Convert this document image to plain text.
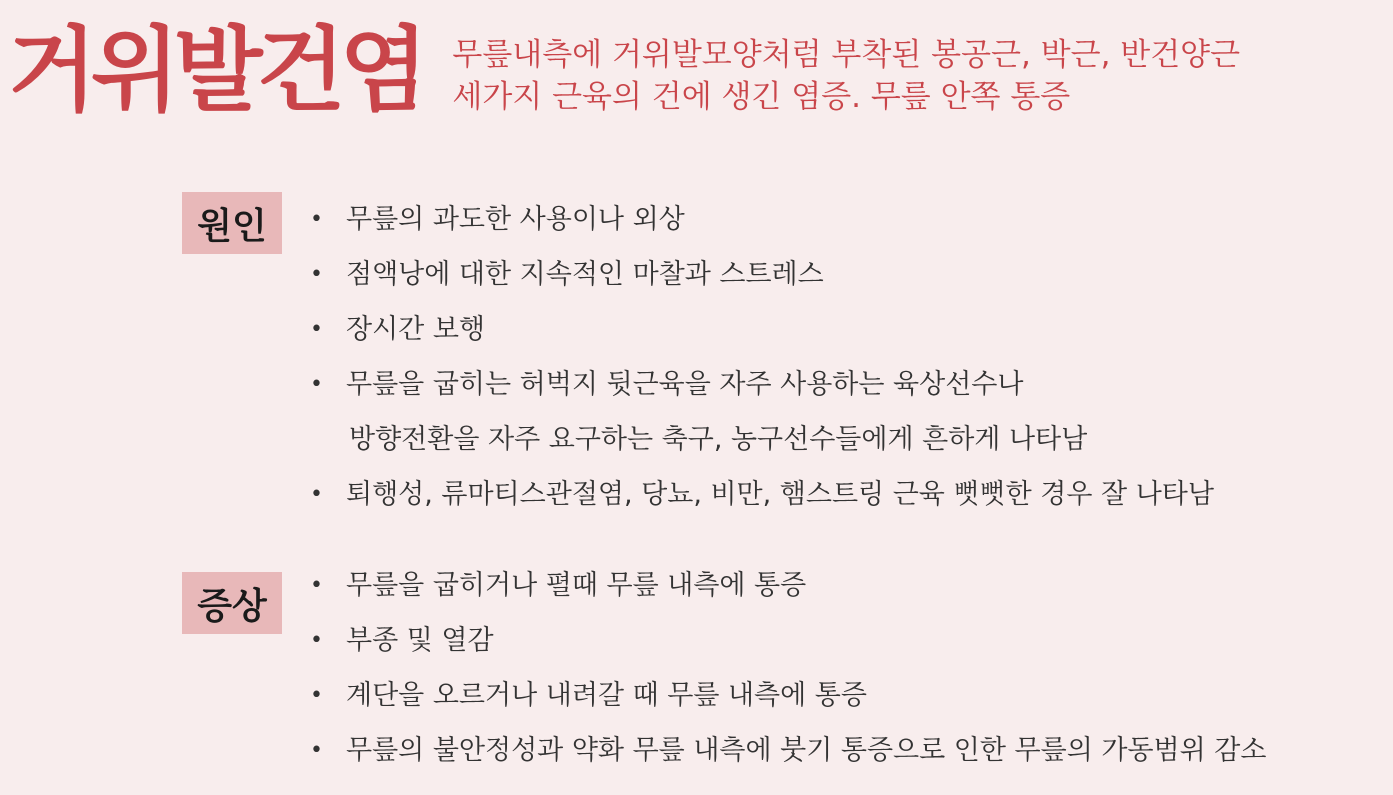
거위발건염 무릎내측에 거위발모양처럼 부착된 봉공근, 박근, 반건양근
세가지 근육의 건에 생긴 염증. 무릎 안쪽 통증
원인	• 무릎의 과도한 사용이나 외상
• 점액낭에 대한 지속적인 마찰과 스트레스
• 장시간 보행
• 무릎을 굽히는 허벅지 뒷근육을 자주 사용하는 육상선수나
방향전환을 자주 요구하는 축구, 농구선수들에게 흔하게 나타남
• 퇴행성, 류마티스관절염, 당뇨, 비만, 햄스트링 근육 뻣뻣한 경우 잘 나타남
증상	• 무릎을 굽히거나 펼때 무릎 내측에 통증
• 부종 및 열감
• 계단을 오르거나 내려갈 때 무릎 내측에 통증
• 무릎의 불안정성과 약화 무릎 내측에 붓기 통증으로 인한 무릎의 가동범위 감소
